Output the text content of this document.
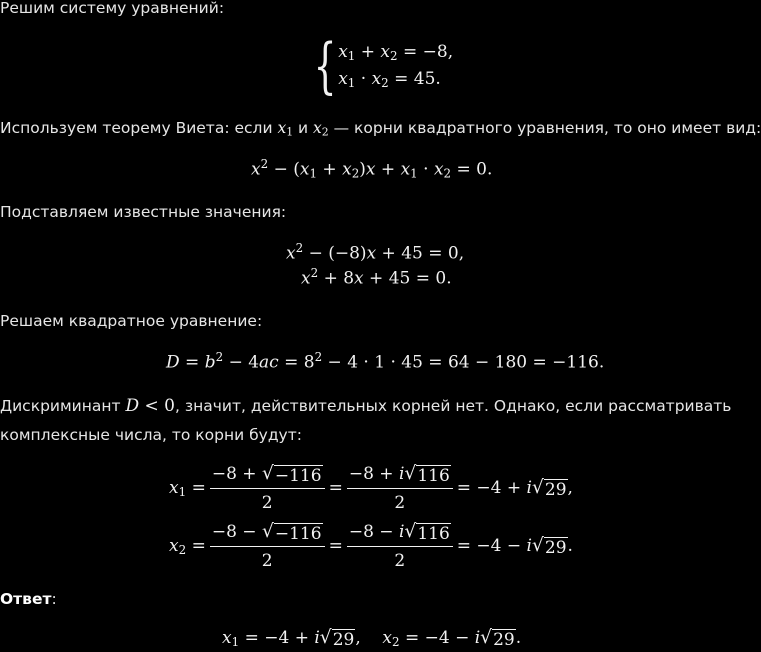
Решим систему уравнений:
{ $x_1 + x_2 = -8$,
$x_1 \cdot x_2 = 45$.
Используем теорему Виета: если $x_1$ и $x_2$ — корни квадратного уравнения, то оно имеет вид:
$x^2 - (x_1 + x_2)x + x_1 \cdot x_2 = 0$.
Подставляем известные значения:
$x^2 - (-8)x + 45 = 0$,
$x^2 + 8x + 45 = 0$.
Решаем квадратное уравнение:
$D = b^2 - 4ac = 8^2 - 4 \cdot 1 \cdot 45 = 64 - 180 = -116$.
Дискриминант D < 0, значит, действительных корней нет. Однако, если рассматривать
комплексные числа, то корни будут:
$x_1 = \frac{-8 + √ -116}{2} = \frac{-8 + i √ 116}{2} = -4 + i$ √ 29 ,
$x_2 = \frac{-8 - √ -116}{2} = \frac{-8 - i √ 116}{2} = -4 - i$ √ 29 .
Ответ:
$x_1 = -4 + i$ √ 29 ,    $x_2 = -4 - i$ √ 29 .
